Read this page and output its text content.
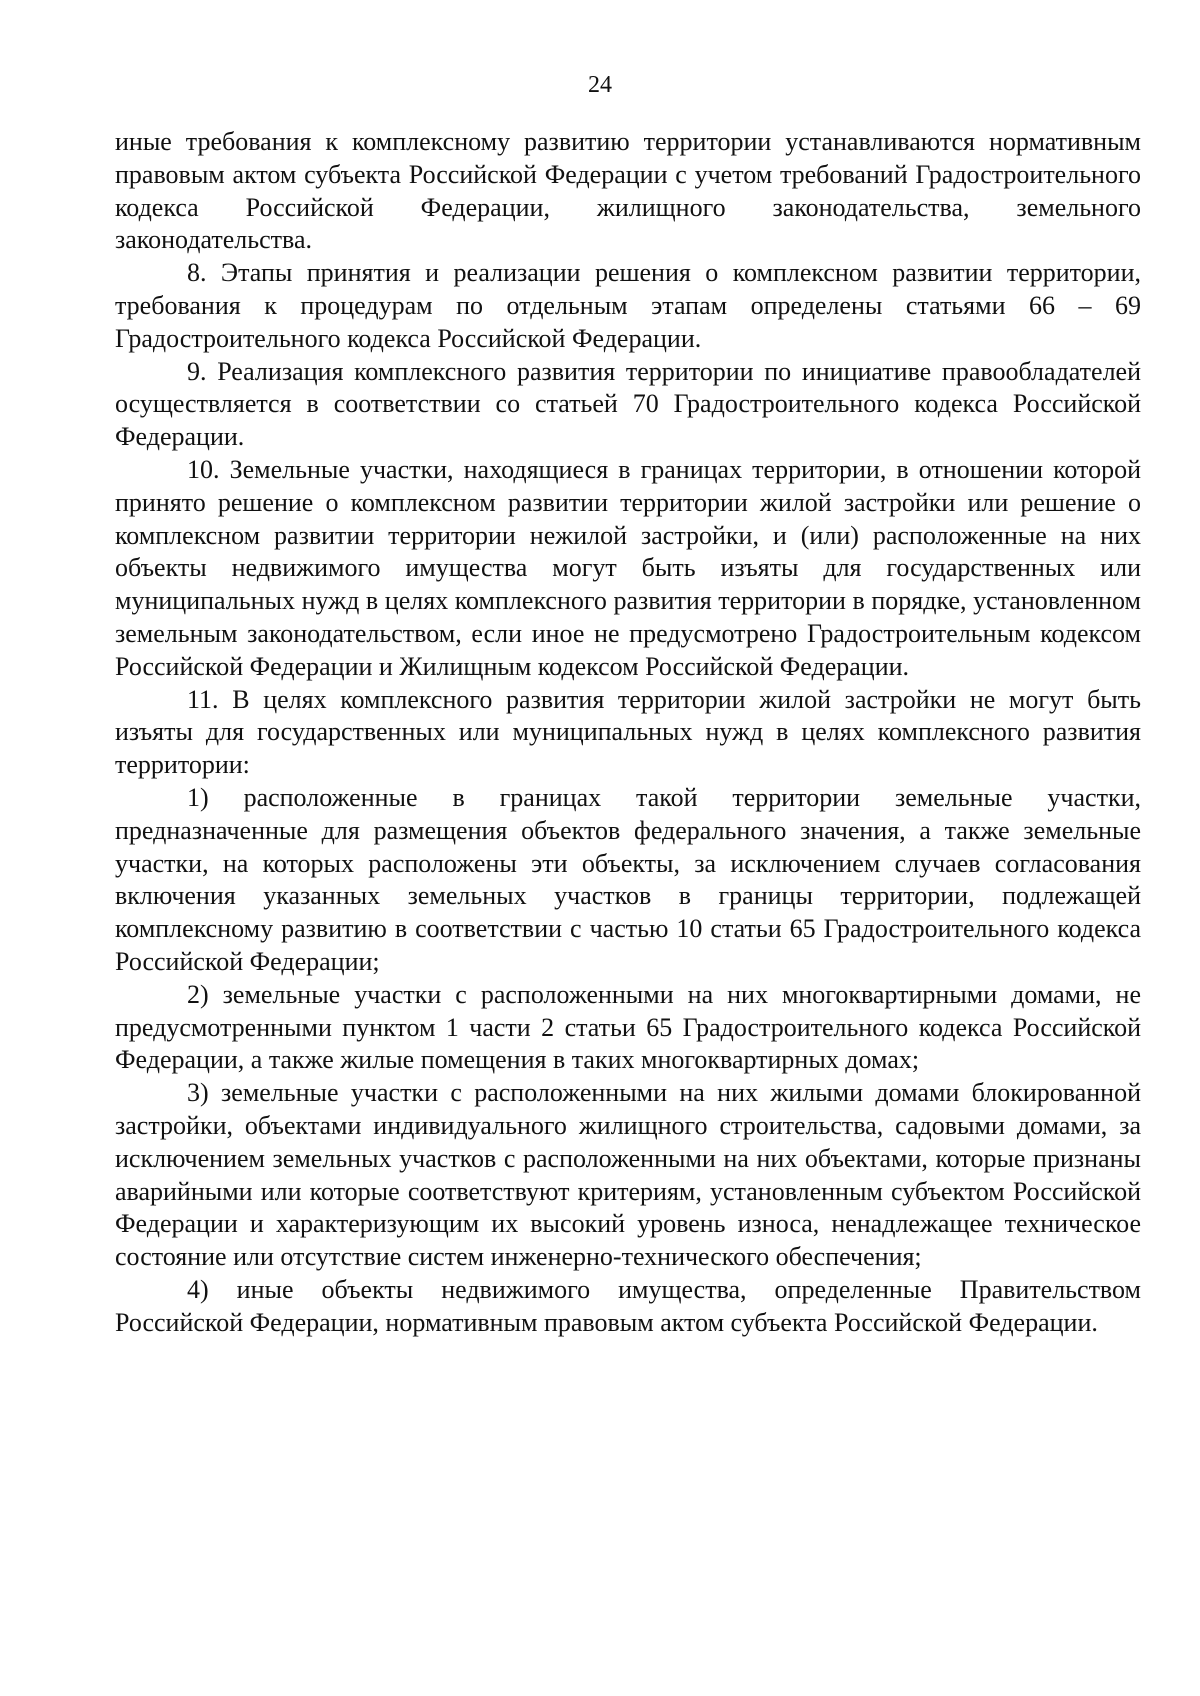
24

иные требования к комплексному развитию территории устанавливаются нормативным правовым актом субъекта Российской Федерации с учетом требований Градостроительного кодекса Российской Федерации, жилищного законодательства, земельного законодательства.

8. Этапы принятия и реализации решения о комплексном развитии территории, требования к процедурам по отдельным этапам определены статьями 66 – 69 Градостроительного кодекса Российской Федерации.

9. Реализация комплексного развития территории по инициативе правообладателей осуществляется в соответствии со статьей 70 Градостроительного кодекса Российской Федерации.

10. Земельные участки, находящиеся в границах территории, в отношении которой принято решение о комплексном развитии территории жилой застройки или решение о комплексном развитии территории нежилой застройки, и (или) расположенные на них объекты недвижимого имущества могут быть изъяты для государственных или муниципальных нужд в целях комплексного развития территории в порядке, установленном земельным законодательством, если иное не предусмотрено Градостроительным кодексом Российской Федерации и Жилищным кодексом Российской Федерации.

11. В целях комплексного развития территории жилой застройки не могут быть изъяты для государственных или муниципальных нужд в целях комплексного развития территории:

1) расположенные в границах такой территории земельные участки, предназначенные для размещения объектов федерального значения, а также земельные участки, на которых расположены эти объекты, за исключением случаев согласования включения указанных земельных участков в границы территории, подлежащей комплексному развитию в соответствии с частью 10 статьи 65 Градостроительного кодекса Российской Федерации;

2) земельные участки с расположенными на них многоквартирными домами, не предусмотренными пунктом 1 части 2 статьи 65 Градостроительного кодекса Российской Федерации, а также жилые помещения в таких многоквартирных домах;

3) земельные участки с расположенными на них жилыми домами блокированной застройки, объектами индивидуального жилищного строительства, садовыми домами, за исключением земельных участков с расположенными на них объектами, которые признаны аварийными или которые соответствуют критериям, установленным субъектом Российской Федерации и характеризующим их высокий уровень износа, ненадлежащее техническое состояние или отсутствие систем инженерно-технического обеспечения;

4) иные объекты недвижимого имущества, определенные Правительством Российской Федерации, нормативным правовым актом субъекта Российской Федерации.
